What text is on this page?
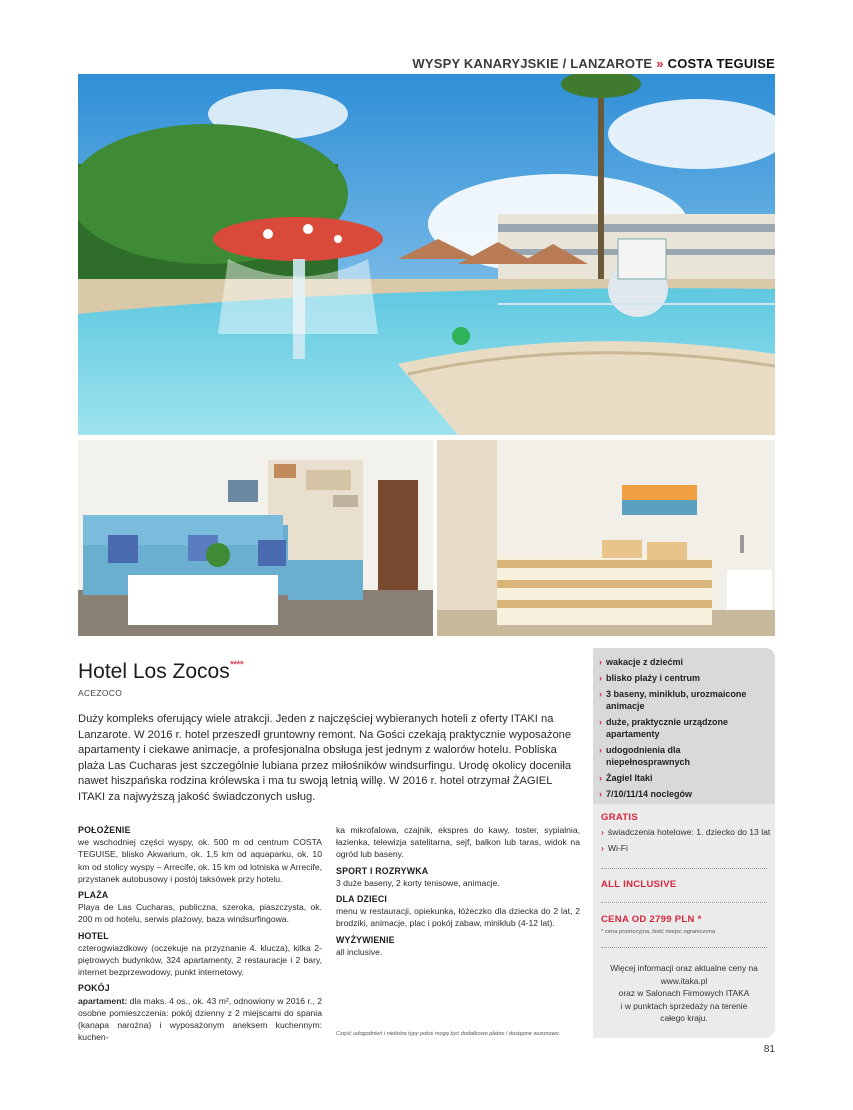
WYSPY KANARYJSKIE / LANZAROTE » COSTA TEGUISE
Hotel Los Zocos****
ACEZOCO
Duży kompleks oferujący wiele atrakcji. Jeden z najczęściej wybieranych hoteli z oferty ITAKI na Lanzarote. W 2016 r. hotel przeszedł gruntowny remont. Na Gości czekają praktycznie wyposażone apartamenty i ciekawe animacje, a profesjonalna obsługa jest jednym z walorów hotelu. Pobliska plaża Las Cucharas jest szczególnie lubiana przez miłośników windsurfingu. Urodę okolicy doceniła nawet hiszpańska rodzina królewska i ma tu swoją letnią willę. W 2016 r. hotel otrzymał ŻAGIEL ITAKI za najwyższą jakość świadczonych usług.
POŁOŻENIE
we wschodniej części wyspy, ok. 500 m od centrum COSTA TEGUISE, blisko Akwarium, ok. 1,5 km od aquaparku, ok. 10 km od stolicy wyspy – Arrecife, ok. 15 km od lotniska w Arrecife, przystanek autobusowy i postój taksówek przy hotelu.
PLAŻA
Playa de Las Cucharas, publiczna, szeroka, piaszczysta, ok. 200 m od hotelu, serwis plażowy, baza windsurfingowa.
HOTEL
czterogwiazdkowy (oczekuje na przyznanie 4. klucza), kilka 2-piętrowych budynków, 324 apartamenty, 2 restauracje i 2 bary, internet bezprzewodowy, punkt internetowy.
POKÓJ
apartament: dla maks. 4 os., ok. 43 m², odnowiony w 2016 r., 2 osobne pomieszczenia: pokój dzienny z 2 miejscami do spania (kanapa narożna) i wyposażonym aneksem kuchennym: kuchen-
ka mikrofalowa, czajnik, ekspres do kawy, toster, sypialnia, łazienka, telewizja satelitarna, sejf, balkon lub taras, widok na ogród lub baseny.
SPORT I ROZRYWKA
3 duże baseny, 2 korty tenisowe, animacje.
DLA DZIECI
menu w restauracji, opiekunka, łóżeczko dla dziecka do 2 lat, 2 brodziki, animacje, plac i pokój zabaw, miniklub (4-12 lat).
WYŻYWIENIE
all inclusive.
Część udogodnień i niektóre typy pokoi mogą być dodatkowo płatne i dostępne sezonowo.
› wakacje z dziećmi
› blisko plaży i centrum
› 3 baseny, miniklub, urozmaicone animacje
› duże, praktycznie urządzone apartamenty
› udogodnienia dla niepełnosprawnych
› Żagiel Itaki
› 7/10/11/14 noclegów
GRATIS
› świadczenia hotelowe: 1. dziecko do 13 lat
› Wi-Fi
ALL INCLUSIVE
CENA OD 2799 PLN *
* cena promocyjna, ilość miejsc ograniczona
Więcej informacji oraz aktualne ceny na
www.itaka.pl
oraz w Salonach Firmowych ITAKA
i w punktach sprzedaży na terenie
całego kraju.
81
